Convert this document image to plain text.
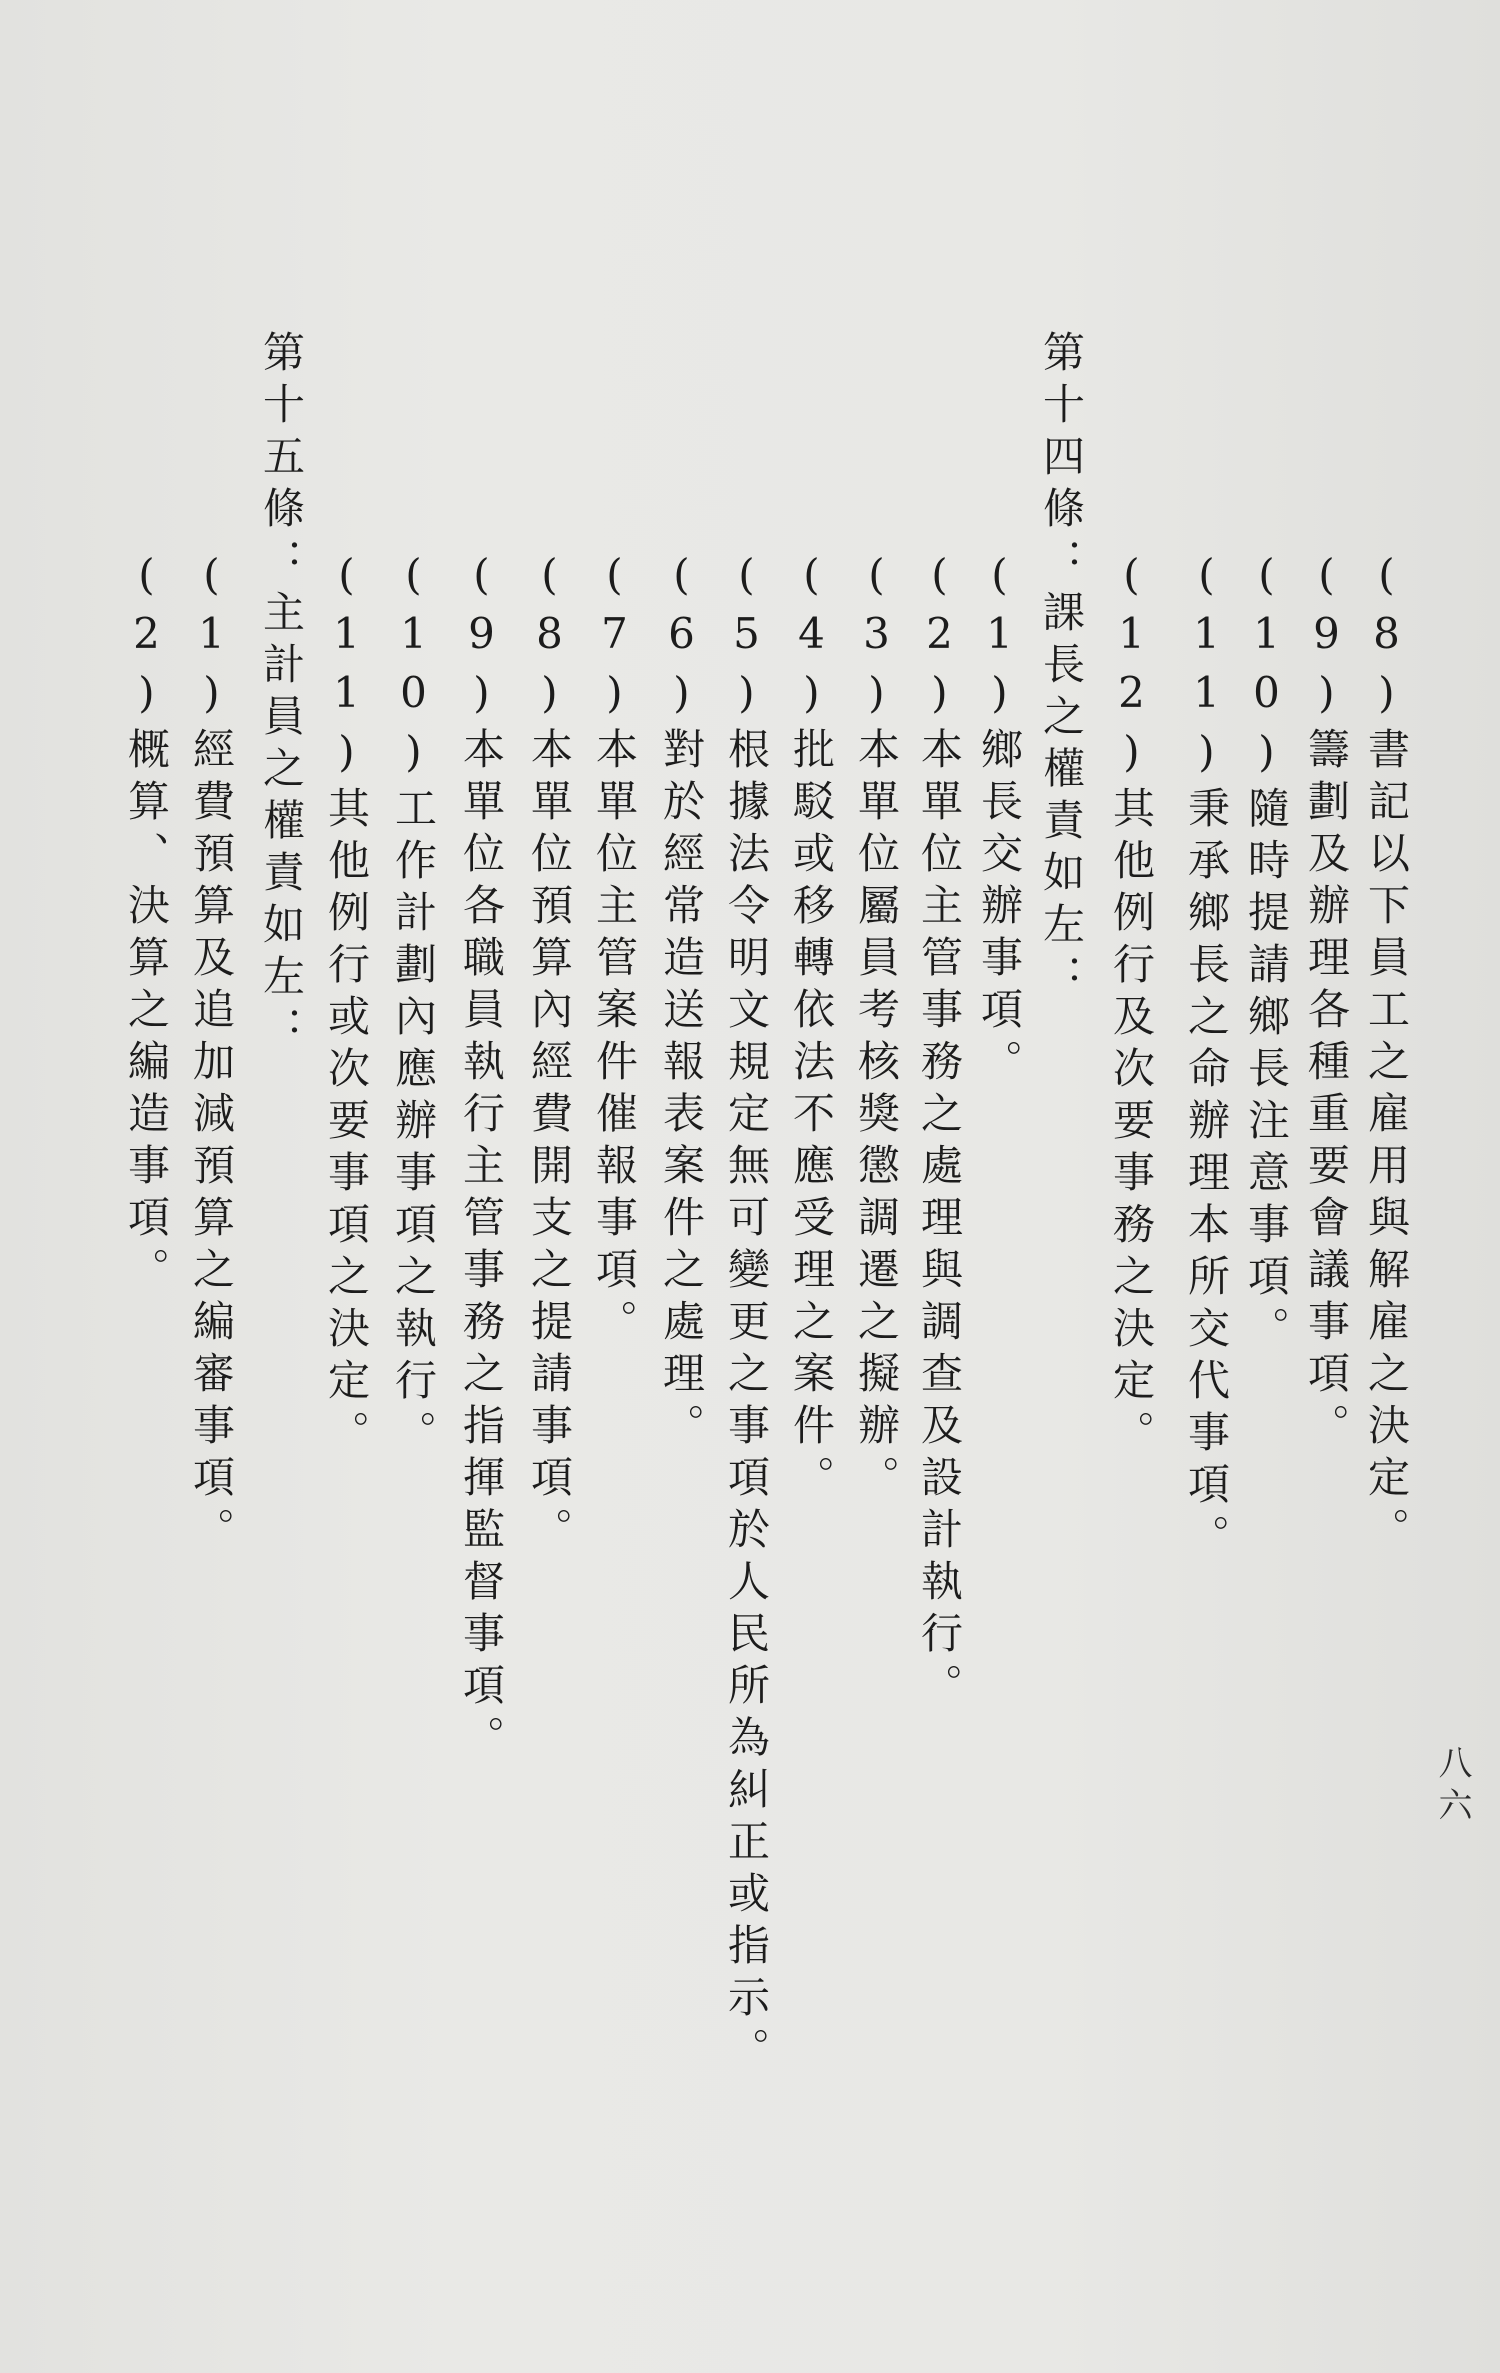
(8)書記以下員工之雇用與解雇之決定。
(9)籌劃及辦理各種重要會議事項。
(10)隨時提請鄉長注意事項。
(11)秉承鄉長之命辦理本所交代事項。
(12)其他例行及次要事務之決定。
第十四條：課長之權責如左：
(1)鄉長交辦事項。
(2)本單位主管事務之處理與調查及設計執行。
(3)本單位屬員考核獎懲調遷之擬辦。
(4)批駁或移轉依法不應受理之案件。
(5)根據法令明文規定無可變更之事項於人民所為糾正或指示。
(6)對於經常造送報表案件之處理。
(7)本單位主管案件催報事項。
(8)本單位預算內經費開支之提請事項。
(9)本單位各職員執行主管事務之指揮監督事項。
(10)工作計劃內應辦事項之執行。
(11)其他例行或次要事項之決定。
第十五條：主計員之權責如左：
(1)經費預算及追加減預算之編審事項。
(2)概算、決算之編造事項。
八六
